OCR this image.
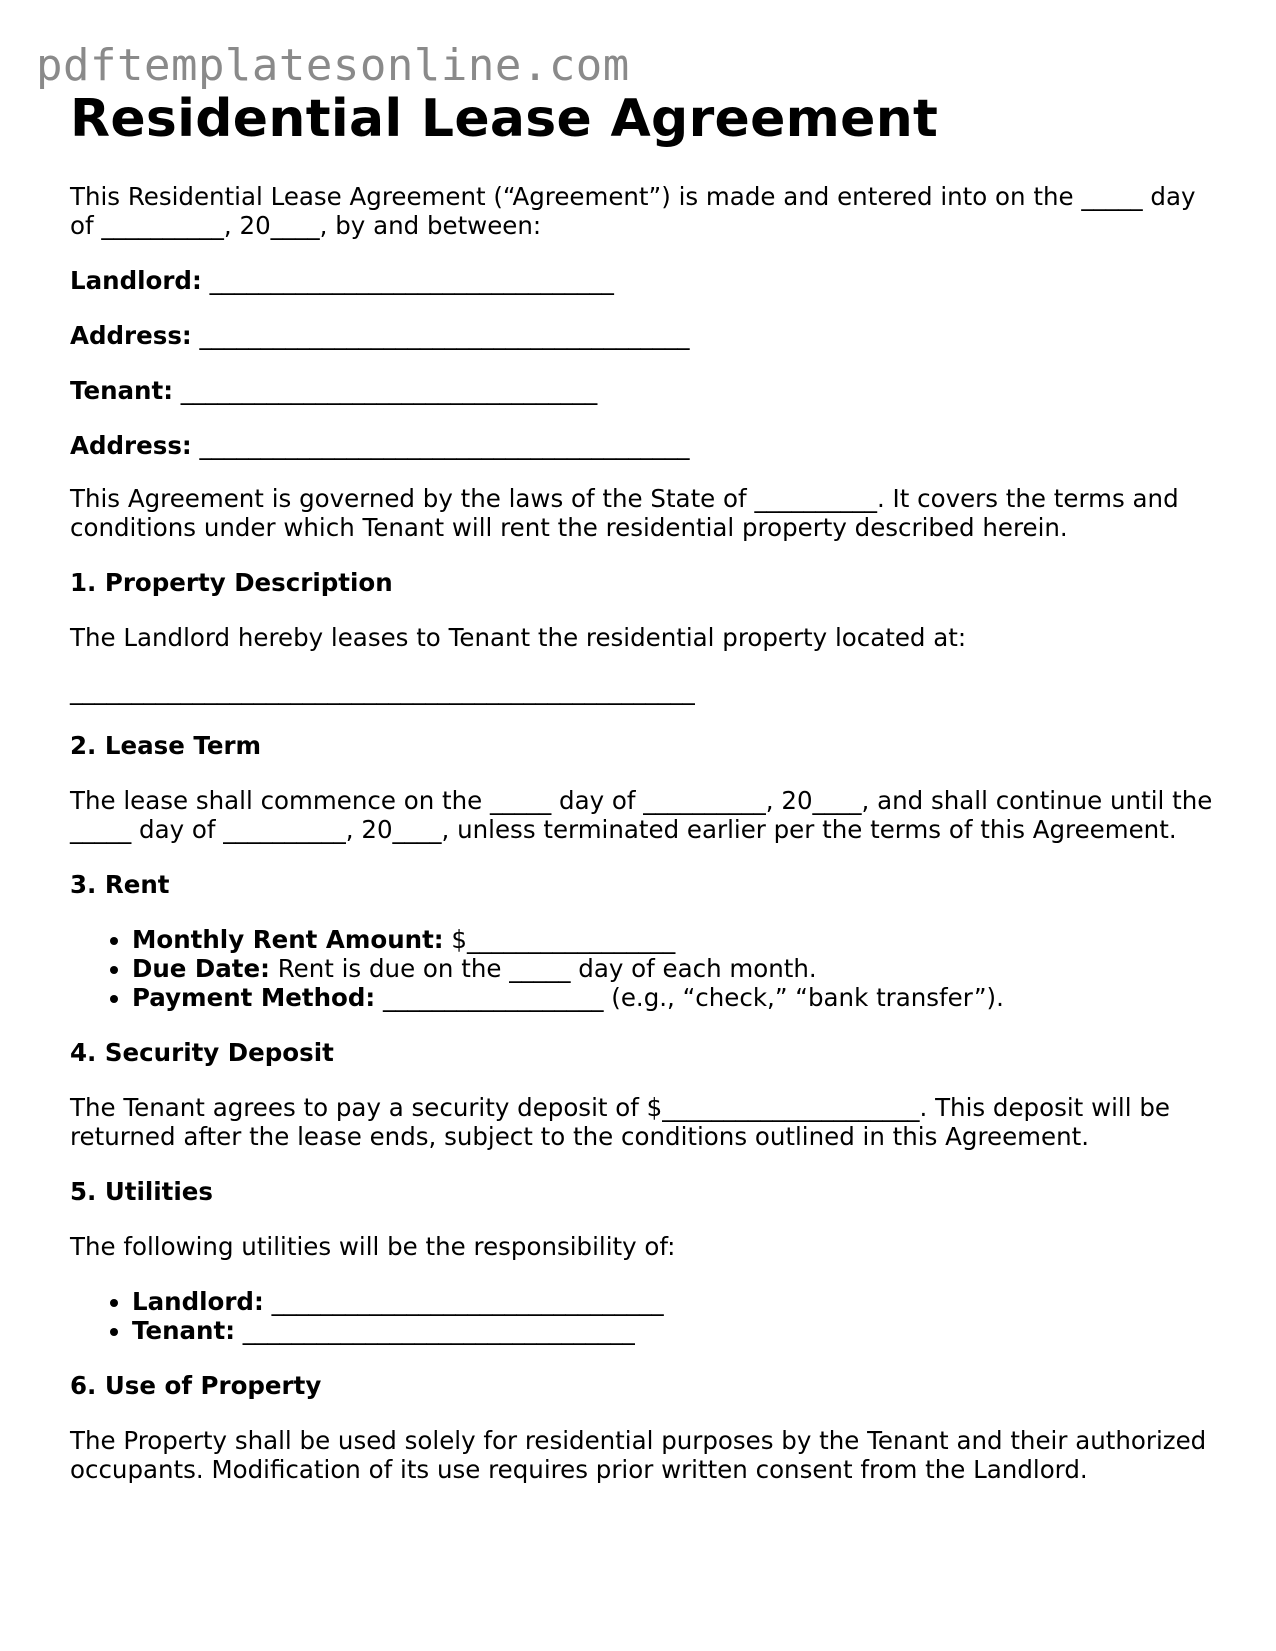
pdftemplatesonline.com
Residential Lease Agreement

This Residential Lease Agreement (“Agreement”) is made and entered into on the _____ day of __________, 20____, by and between:

Landlord: _________________________________

Address: ________________________________________

Tenant: __________________________________

Address: ________________________________________

This Agreement is governed by the laws of the State of __________. It covers the terms and conditions under which Tenant will rent the residential property described herein.

1. Property Description

The Landlord hereby leases to Tenant the residential property located at:

___________________________________________________

2. Lease Term

The lease shall commence on the _____ day of __________, 20____, and shall continue until the _____ day of __________, 20____, unless terminated earlier per the terms of this Agreement.

3. Rent
• Monthly Rent Amount: $_________________
• Due Date: Rent is due on the _____ day of each month.
• Payment Method: __________________ (e.g., “check,” “bank transfer”).
4. Security Deposit

The Tenant agrees to pay a security deposit of $_____________________. This deposit will be returned after the lease ends, subject to the conditions outlined in this Agreement.

5. Utilities

The following utilities will be the responsibility of:

• Landlord: ________________________________
• Tenant: ________________________________
6. Use of Property

The Property shall be used solely for residential purposes by the Tenant and their authorized occupants. Modification of its use requires prior written consent from the Landlord.
